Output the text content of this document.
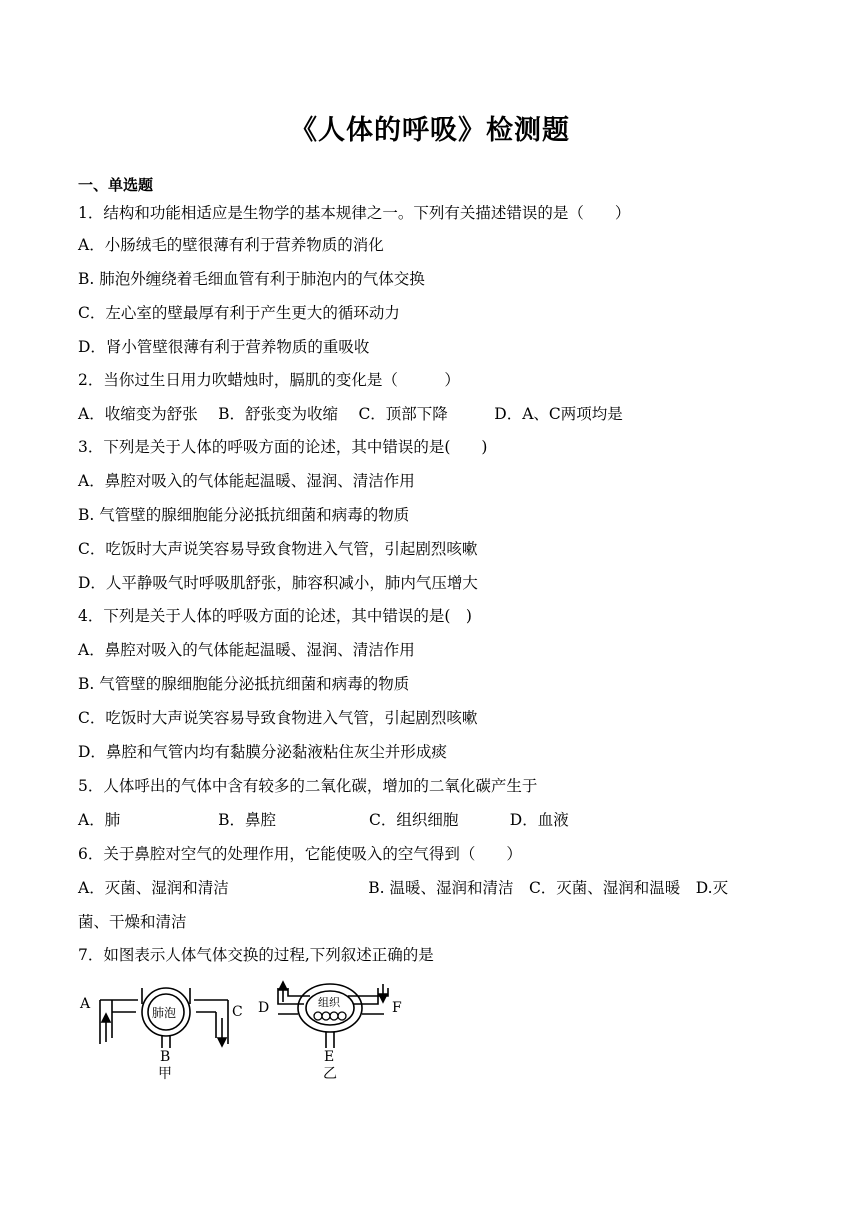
《人体的呼吸》检测题
一、单选题
1．结构和功能相适应是生物学的基本规律之一。下列有关描述错误的是（　　）
A．小肠绒毛的壁很薄有利于营养物质的消化
B. 肺泡外缠绕着毛细血管有利于肺泡内的气体交换
C．左心室的壁最厚有利于产生更大的循环动力
D．肾小管壁很薄有利于营养物质的重吸收
2．当你过生日用力吹蜡烛时，膈肌的变化是（　　　）
A．收缩变为舒张　 B．舒张变为收缩　 C．顶部下降　　　D．A、C两项均是
3．下列是关于人体的呼吸方面的论述，其中错误的是(　　)
A．鼻腔对吸入的气体能起温暖、湿润、清洁作用
B. 气管壁的腺细胞能分泌抵抗细菌和病毒的物质
C．吃饭时大声说笑容易导致食物进入气管，引起剧烈咳嗽
D．人平静吸气时呼吸肌舒张，肺容积减小，肺内气压增大
4．下列是关于人体的呼吸方面的论述，其中错误的是(　)
A．鼻腔对吸入的气体能起温暖、湿润、清洁作用
B. 气管壁的腺细胞能分泌抵抗细菌和病毒的物质
C．吃饭时大声说笑容易导致食物进入气管，引起剧烈咳嗽
D．鼻腔和气管内均有黏膜分泌黏液粘住灰尘并形成痰
5．人体呼出的气体中含有较多的二氧化碳，增加的二氧化碳产生于
A．肺　　　　　　 B．鼻腔　　　　　　C．组织细胞　　　 D．血液
6．关于鼻腔对空气的处理作用，它能使吸入的空气得到（　　）
A．灭菌、湿润和清洁　　　　　　　　　B. 温暖、湿润和清洁　C．灭菌、湿润和温暖　D.灭
菌、干燥和清洁
7．如图表示人体气体交换的过程,下列叙述正确的是
A	C
肺泡
B
甲
D	F
组织
E
乙
